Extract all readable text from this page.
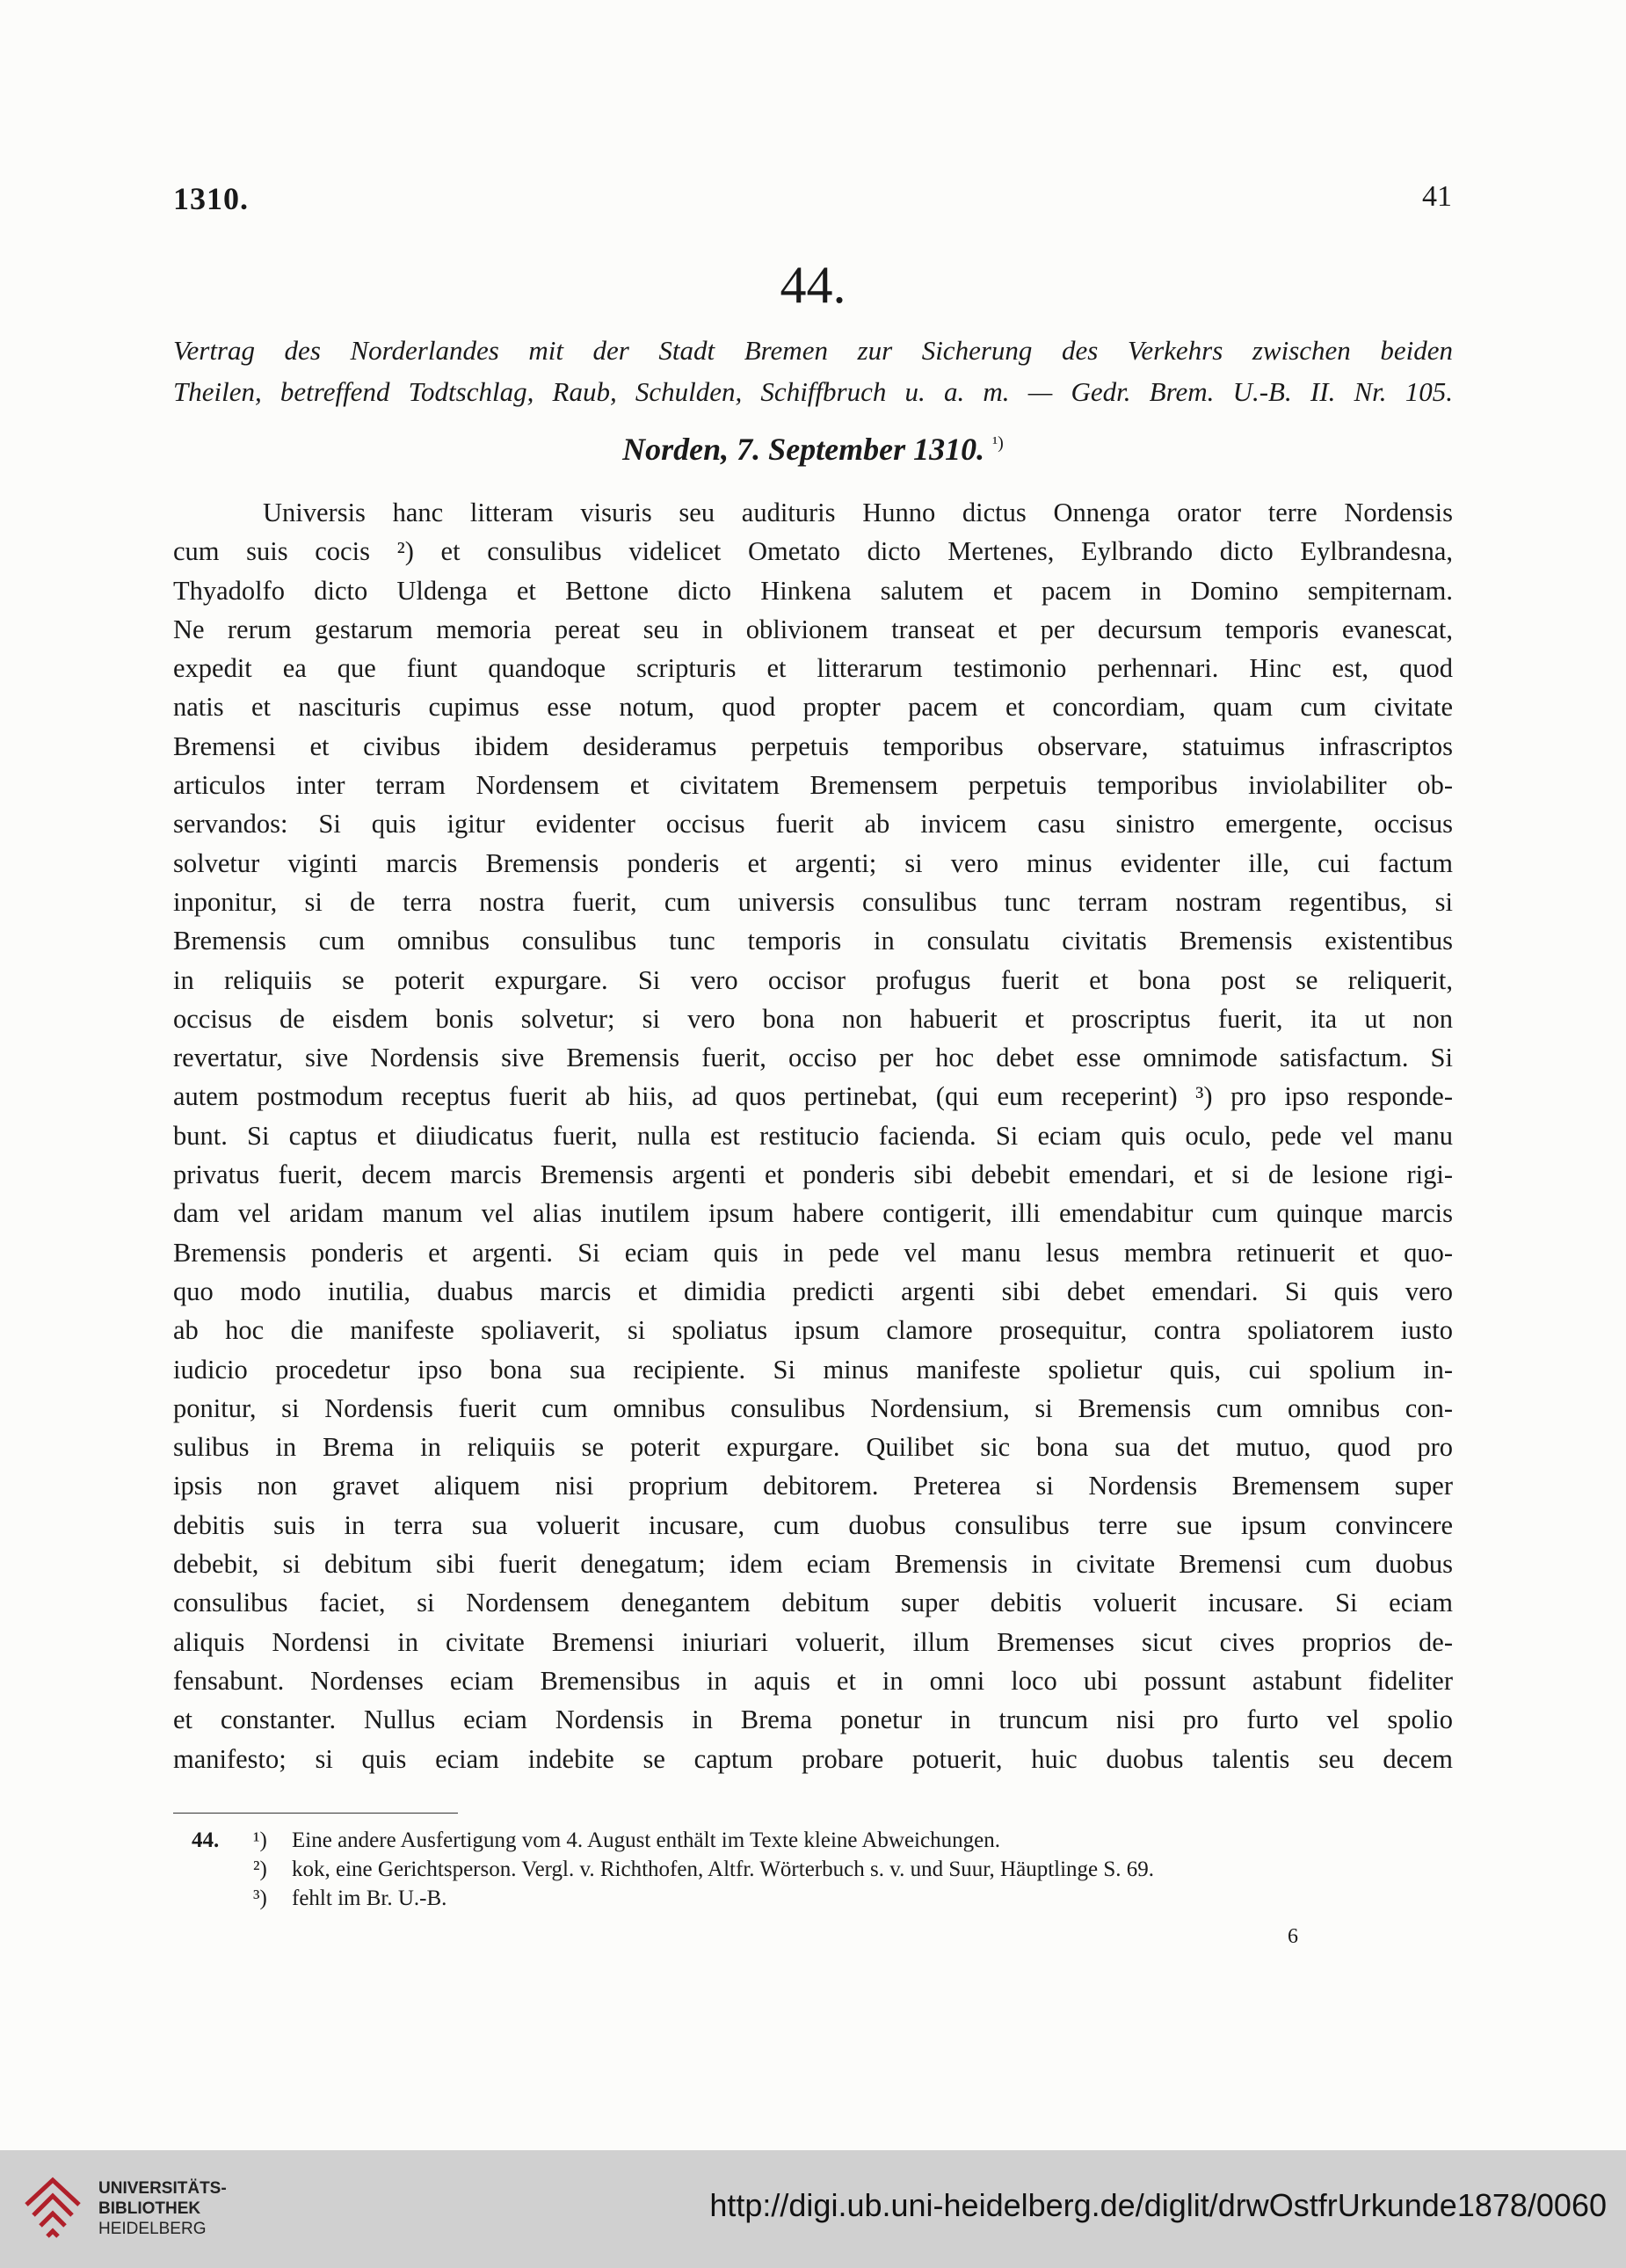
1310.	41
44.

Vertrag des Norderlandes mit der Stadt Bremen zur Sicherung des Verkehrs zwischen beiden

Theilen, betreffend Todtschlag, Raub, Schulden, Schiffbruch u. a. m. — Gedr. Brem. U.-B. II. Nr. 105.

Norden, 7. September 1310. $^{^1)}$
Universis hanc litteram visuris seu audituris Hunno dictus Onnenga orator terre Nordensis
cum suis cocis ²) et consulibus videlicet Ometato dicto Mertenes, Eylbrando dicto Eylbrandesna,
Thyadolfo dicto Uldenga et Bettone dicto Hinkena salutem et pacem in Domino sempiternam.
Ne rerum gestarum memoria pereat seu in oblivionem transeat et per decursum temporis evanescat,
expedit ea que fiunt quandoque scripturis et litterarum testimonio perhennari. Hinc est, quod
natis et nascituris cupimus esse notum, quod propter pacem et concordiam, quam cum civitate
Bremensi et civibus ibidem desideramus perpetuis temporibus observare, statuimus infrascriptos
articulos inter terram Nordensem et civitatem Bremensem perpetuis temporibus inviolabiliter ob-
servandos: Si quis igitur evidenter occisus fuerit ab invicem casu sinistro emergente, occisus
solvetur viginti marcis Bremensis ponderis et argenti; si vero minus evidenter ille, cui factum
inponitur, si de terra nostra fuerit, cum universis consulibus tunc terram nostram regentibus, si
Bremensis cum omnibus consulibus tunc temporis in consulatu civitatis Bremensis existentibus
in reliquiis se poterit expurgare. Si vero occisor profugus fuerit et bona post se reliquerit,
occisus de eisdem bonis solvetur; si vero bona non habuerit et proscriptus fuerit, ita ut non
revertatur, sive Nordensis sive Bremensis fuerit, occiso per hoc debet esse omnimode satisfactum. Si
autem postmodum receptus fuerit ab hiis, ad quos pertinebat, (qui eum receperint) ³) pro ipso responde-
bunt. Si captus et diiudicatus fuerit, nulla est restitucio facienda. Si eciam quis oculo, pede vel manu
privatus fuerit, decem marcis Bremensis argenti et ponderis sibi debebit emendari, et si de lesione rigi-
dam vel aridam manum vel alias inutilem ipsum habere contigerit, illi emendabitur cum quinque marcis
Bremensis ponderis et argenti. Si eciam quis in pede vel manu lesus membra retinuerit et quo-
quo modo inutilia, duabus marcis et dimidia predicti argenti sibi debet emendari. Si quis vero
ab hoc die manifeste spoliaverit, si spoliatus ipsum clamore prosequitur, contra spoliatorem iusto
iudicio procedetur ipso bona sua recipiente. Si minus manifeste spolietur quis, cui spolium in-
ponitur, si Nordensis fuerit cum omnibus consulibus Nordensium, si Bremensis cum omnibus con-
sulibus in Brema in reliquiis se poterit expurgare. Quilibet sic bona sua det mutuo, quod pro
ipsis non gravet aliquem nisi proprium debitorem. Preterea si Nordensis Bremensem super
debitis suis in terra sua voluerit incusare, cum duobus consulibus terre sue ipsum convincere
debebit, si debitum sibi fuerit denegatum; idem eciam Bremensis in civitate Bremensi cum duobus
consulibus faciet, si Nordensem denegantem debitum super debitis voluerit incusare. Si eciam
aliquis Nordensi in civitate Bremensi iniuriari voluerit, illum Bremenses sicut cives proprios de-
fensabunt. Nordenses eciam Bremensibus in aquis et in omni loco ubi possunt astabunt fideliter
et constanter. Nullus eciam Nordensis in Brema ponetur in truncum nisi pro furto vel spolio
manifesto; si quis eciam indebite se captum probare potuerit, huic duobus talentis seu decem
44.	¹)	Eine andere Ausfertigung vom 4. August enthält im Texte kleine Abweichungen.
²)	kok, eine Gerichtsperson. Vergl. v. Richthofen, Altfr. Wörterbuch s. v. und Suur, Häuptlinge S. 69.
³)	fehlt im Br. U.-B.
6
UNIVERSITÄTS-
BIBLIOTHEK
HEIDELBERG
http://digi.ub.uni-heidelberg.de/diglit/drwOstfrUrkunde1878/0060
